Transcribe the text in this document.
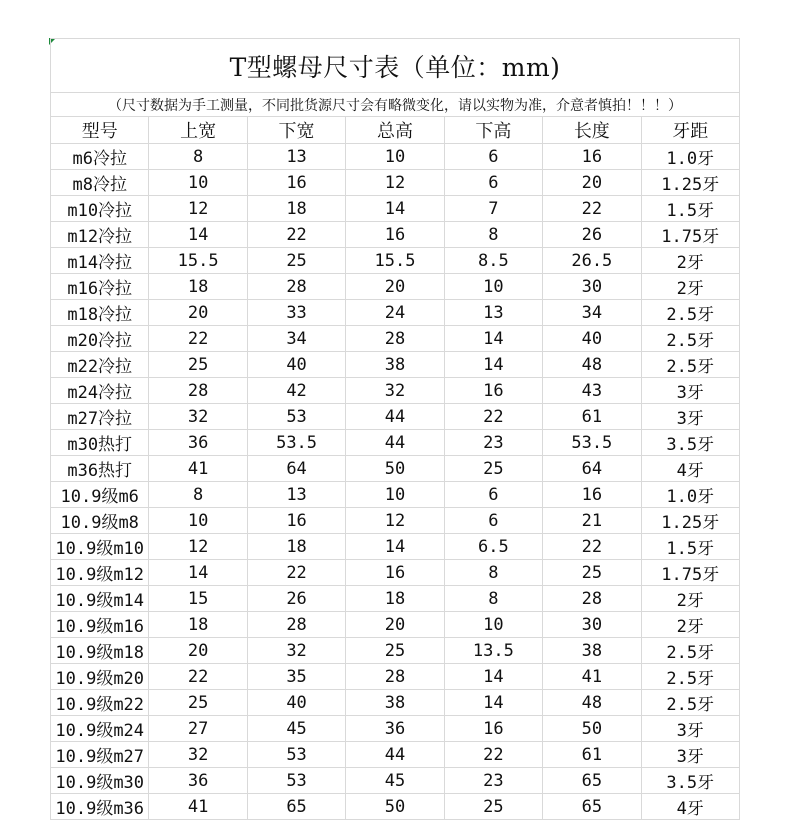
T型螺母尺寸表（单位：mm)
（尺寸数据为手工测量，不同批货源尺寸会有略微变化，请以实物为准，介意者慎拍！！！）
型号	上宽	下宽	总高	下高	长度	牙距
m6冷拉	8	13	10	6	16	1.0牙
m8冷拉	10	16	12	6	20	1.25牙
m10冷拉	12	18	14	7	22	1.5牙
m12冷拉	14	22	16	8	26	1.75牙
m14冷拉	15.5	25	15.5	8.5	26.5	2牙
m16冷拉	18	28	20	10	30	2牙
m18冷拉	20	33	24	13	34	2.5牙
m20冷拉	22	34	28	14	40	2.5牙
m22冷拉	25	40	38	14	48	2.5牙
m24冷拉	28	42	32	16	43	3牙
m27冷拉	32	53	44	22	61	3牙
m30热打	36	53.5	44	23	53.5	3.5牙
m36热打	41	64	50	25	64	4牙
10.9级m6	8	13	10	6	16	1.0牙
10.9级m8	10	16	12	6	21	1.25牙
10.9级m10	12	18	14	6.5	22	1.5牙
10.9级m12	14	22	16	8	25	1.75牙
10.9级m14	15	26	18	8	28	2牙
10.9级m16	18	28	20	10	30	2牙
10.9级m18	20	32	25	13.5	38	2.5牙
10.9级m20	22	35	28	14	41	2.5牙
10.9级m22	25	40	38	14	48	2.5牙
10.9级m24	27	45	36	16	50	3牙
10.9级m27	32	53	44	22	61	3牙
10.9级m30	36	53	45	23	65	3.5牙
10.9级m36	41	65	50	25	65	4牙
